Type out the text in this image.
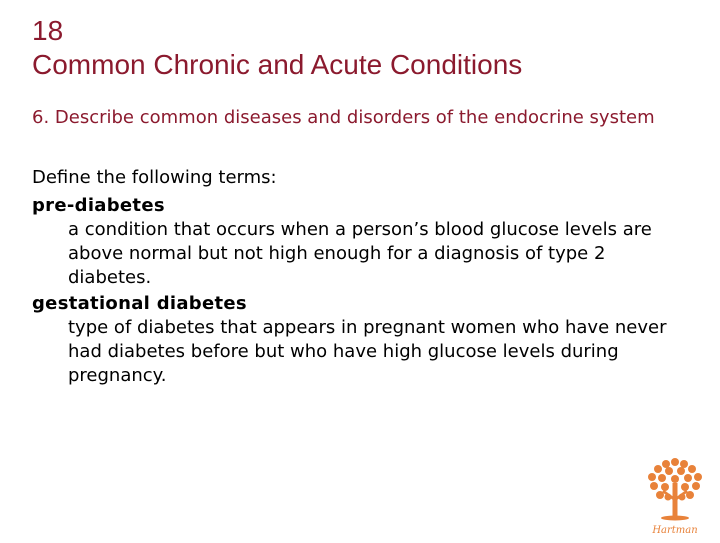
18
Common Chronic and Acute Conditions
6. Describe common diseases and disorders of the endocrine system
Define the following terms:
pre-diabetes
a condition that occurs when a person’s blood glucose levels are above normal but not high enough for a diagnosis of type 2 diabetes.
gestational diabetes
type of diabetes that appears in pregnant women who have never had diabetes before but who have high glucose levels during pregnancy.
Hartman
